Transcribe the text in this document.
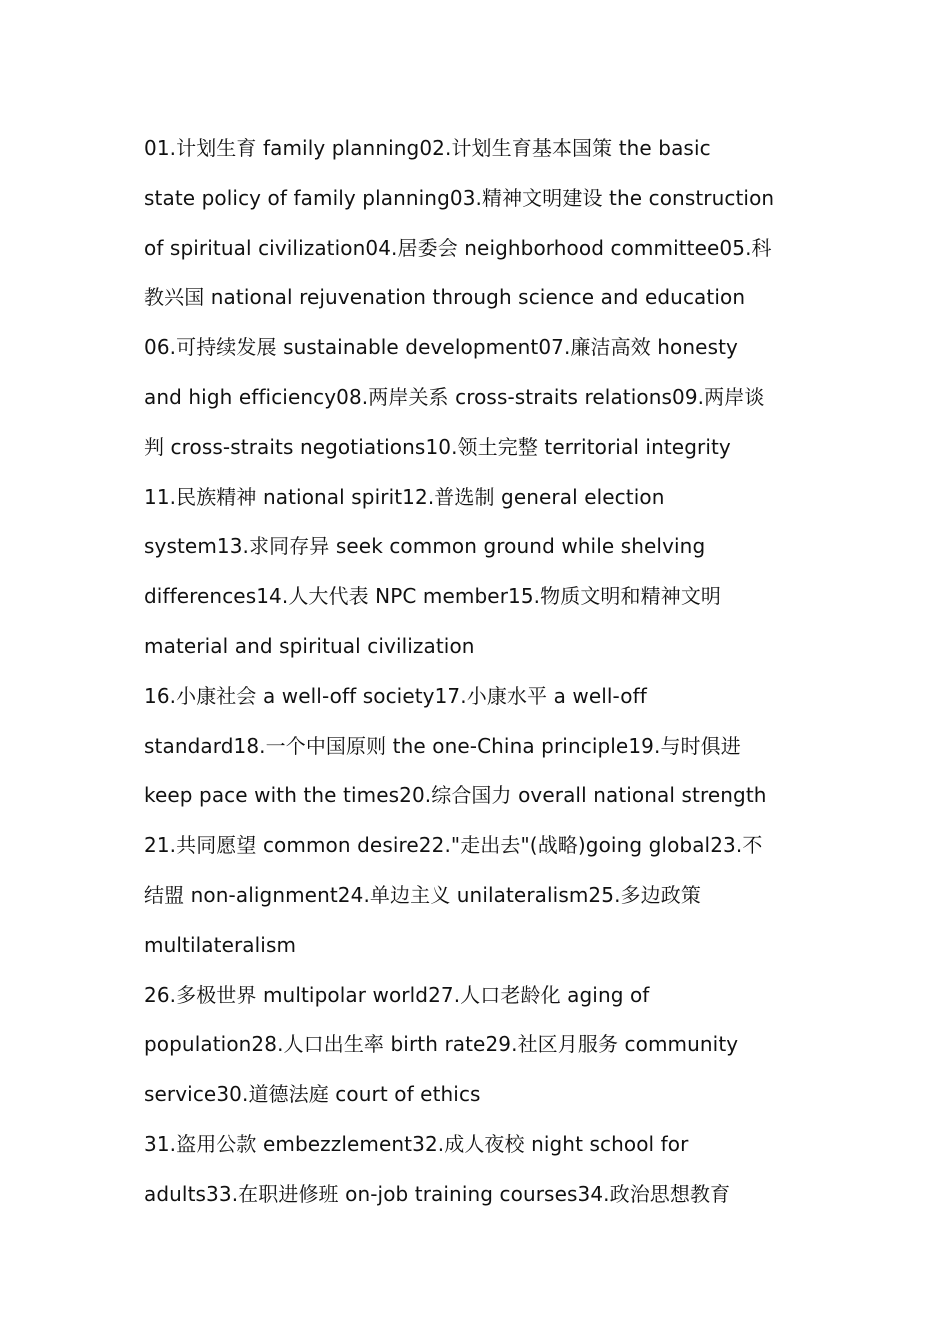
01.计划生育 family planning02.计划生育基本国策 the basic
state policy of family planning03.精神文明建设 the construction
of spiritual civilization04.居委会 neighborhood committee05.科
教兴国 national rejuvenation through science and education
06.可持续发展 sustainable development07.廉洁高效 honesty
and high efficiency08.两岸关系 cross-straits relations09.两岸谈
判 cross-straits negotiations10.领土完整 territorial integrity
11.民族精神 national spirit12.普选制 general election
system13.求同存异 seek common ground while shelving
differences14.人大代表 NPC member15.物质文明和精神文明
material and spiritual civilization
16.小康社会 a well-off society17.小康水平 a well-off
standard18.一个中国原则 the one-China principle19.与时俱进
keep pace with the times20.综合国力 overall national strength
21.共同愿望 common desire22."走出去"(战略)going global23.不
结盟 non-alignment24.单边主义 unilateralism25.多边政策
multilateralism
26.多极世界 multipolar world27.人口老龄化 aging of
population28.人口出生率 birth rate29.社区月服务 community
service30.道德法庭 court of ethics
31.盗用公款 embezzlement32.成人夜校 night school for
adults33.在职进修班 on-job training courses34.政治思想教育
